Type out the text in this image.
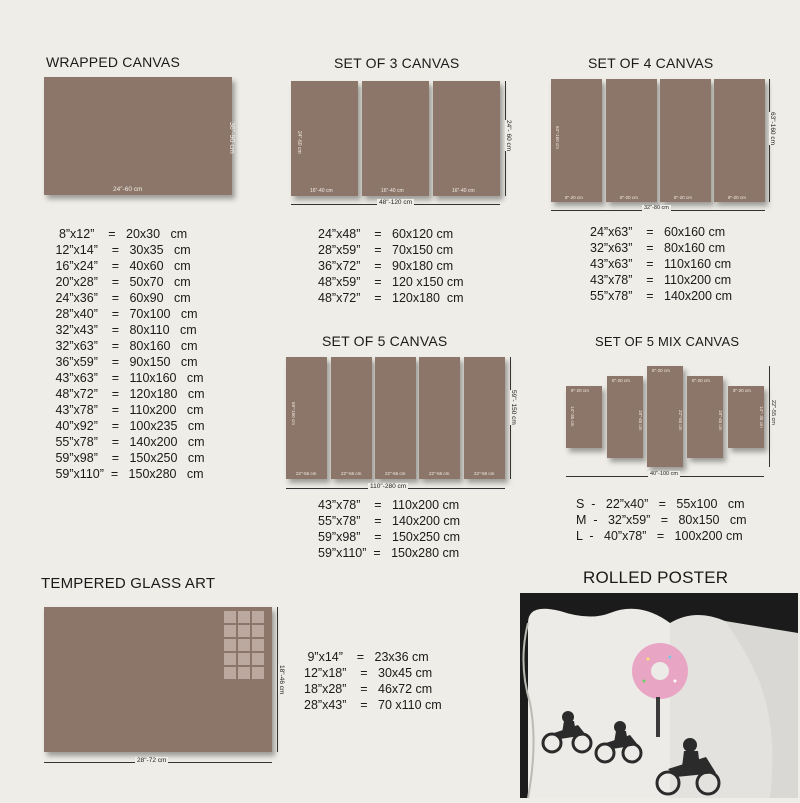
WRAPPED CANVAS
24"-60 cm
36"-90 cm
8”x12”    =   20x30   cm
12”x14”    =   30x35   cm
16”x24”    =   40x60   cm
20”x28”    =   50x70   cm
24”x36”    =   60x90   cm
28”x40”    =   70x100   cm
32”x43”    =   80x110   cm
32”x63”    =   80x160   cm
36”x59”    =   90x150   cm
43”x63”    =   110x160   cm
48”x72”    =   120x180   cm
43”x78”    =   110x200   cm
40”x92”    =   100x235   cm
55”x78”    =   140x200   cm
59”x98”    =   150x250   cm
59”x110”  =   150x280   cm
SET OF 3 CANVAS
24"-60 cm
16"-40 cm	16"-40 cm	16"-40 cm
48"-120 cm
24"- 60 cm
24”x48”    =   60x120 cm
28”x59”    =   70x150 cm
36”x72”    =   90x180 cm
48”x59”    =   120 x150 cm
48”x72”    =   120x180  cm
SET OF 4 CANVAS
63"-160 cm
8"-20 cm	8"-20 cm	8"-20 cm	8"-20 cm
32"-80 cm
63"-160 cm
24”x63”    =   60x160 cm
32”x63”    =   80x160 cm
43”x63”    =   110x160 cm
43”x78”    =   110x200 cm
55”x78”    =   140x200 cm
SET OF 5 CANVAS
59"-150 cm
22"-56 cm	22"-56 cm	22"-56 cm	22"-56 cm	22"-56 cm
110"-280 cm
59"- 150 cm
43”x78”    =   110x200 cm
55”x78”    =   140x200 cm
59”x98”    =   150x250 cm
59”x110”  =   150x280 cm
SET OF 5 MIX CANVAS
8"-20 cm
8"-20 cm
8"-20 cm
8"-20 cm
8"-20 cm
14"-35 cm	18"-45 cm	22"-55 cm	18"-45 cm	14"- 35 cm
40"-100 cm
22"-55 cm
S  -   22”x40”   =   55x100   cm
M  -   32”x59”   =   80x150   cm
L  -   40”x78”   =   100x200 cm
TEMPERED GLASS ART
28"-72 cm
18"-46 cm
9”x14”    =   23x36 cm
12”x18”    =   30x45 cm
18”x28”    =   46x72 cm
28”x43”    =   70 x110 cm
ROLLED POSTER
